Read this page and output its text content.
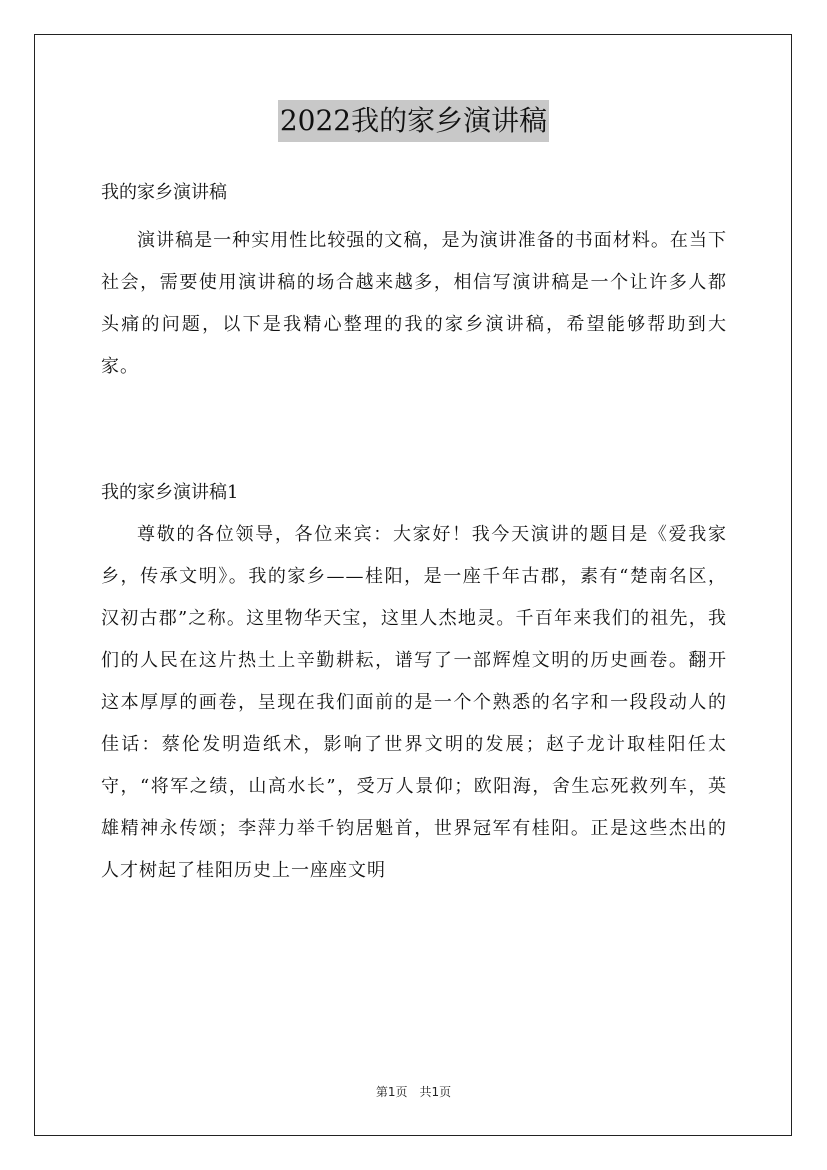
2022我的家乡演讲稿

我的家乡演讲稿

演讲稿是一种实用性比较强的文稿，是为演讲准备的书面材料。在当下社会，需要使用演讲稿的场合越来越多，相信写演讲稿是一个让许多人都头痛的问题，以下是我精心整理的我的家乡演讲稿，希望能够帮助到大家。

我的家乡演讲稿1

尊敬的各位领导，各位来宾：大家好！我今天演讲的题目是《爱我家乡，传承文明》。我的家乡——桂阳，是一座千年古郡，素有“楚南名区，汉初古郡”之称。这里物华天宝，这里人杰地灵。千百年来我们的祖先，我们的人民在这片热土上辛勤耕耘，谱写了一部辉煌文明的历史画卷。翻开这本厚厚的画卷，呈现在我们面前的是一个个熟悉的名字和一段段动人的佳话：蔡伦发明造纸术，影响了世界文明的发展；赵子龙计取桂阳任太守，“将军之绩，山高水长”，受万人景仰；欧阳海，舍生忘死救列车，英雄精神永传颂；李萍力举千钧居魁首，世界冠军有桂阳。正是这些杰出的人才树起了桂阳历史上一座座文明

第1页　共1页
